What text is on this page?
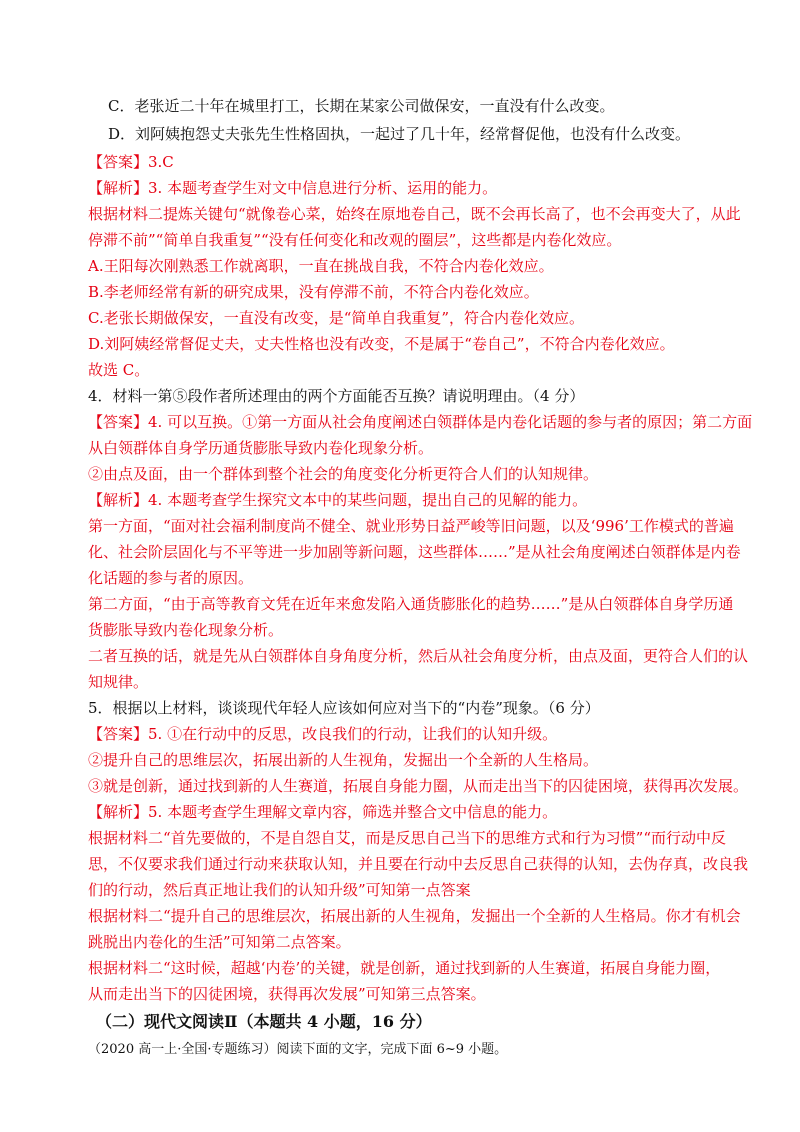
C．老张近二十年在城里打工，长期在某家公司做保安，一直没有什么改变。
D．刘阿姨抱怨丈夫张先生性格固执，一起过了几十年，经常督促他，也没有什么改变。
【答案】3.C
【解析】3. 本题考查学生对文中信息进行分析、运用的能力。
根据材料二提炼关键句“就像卷心菜，始终在原地卷自己，既不会再长高了，也不会再变大了，从此
停滞不前”“简单自我重复”“没有任何变化和改观的圈层”，这些都是内卷化效应。
A.王阳每次刚熟悉工作就离职，一直在挑战自我，不符合内卷化效应。
B.李老师经常有新的研究成果，没有停滞不前，不符合内卷化效应。
C.老张长期做保安，一直没有改变，是“简单自我重复”，符合内卷化效应。
D.刘阿姨经常督促丈夫，丈夫性格也没有改变，不是属于“卷自己”，不符合内卷化效应。
故选 C。
4．材料一第⑤段作者所述理由的两个方面能否互换？请说明理由。（4 分）
【答案】4. 可以互换。①第一方面从社会角度阐述白领群体是内卷化话题的参与者的原因；第二方面
从白领群体自身学历通货膨胀导致内卷化现象分析。
②由点及面，由一个群体到整个社会的角度变化分析更符合人们的认知规律。
【解析】4. 本题考查学生探究文本中的某些问题，提出自己的见解的能力。
第一方面，“面对社会福利制度尚不健全、就业形势日益严峻等旧问题，以及‘996’工作模式的普遍
化、社会阶层固化与不平等进一步加剧等新问题，这些群体……”是从社会角度阐述白领群体是内卷
化话题的参与者的原因。
第二方面，“由于高等教育文凭在近年来愈发陷入通货膨胀化的趋势……”是从白领群体自身学历通
货膨胀导致内卷化现象分析。
二者互换的话，就是先从白领群体自身角度分析，然后从社会角度分析，由点及面，更符合人们的认
知规律。
5．根据以上材料，谈谈现代年轻人应该如何应对当下的“内卷”现象。（6 分）
【答案】5. ①在行动中的反思，改良我们的行动，让我们的认知升级。
②提升自己的思维层次，拓展出新的人生视角，发掘出一个全新的人生格局。
③就是创新，通过找到新的人生赛道，拓展自身能力圈，从而走出当下的囚徒困境，获得再次发展。
【解析】5. 本题考查学生理解文章内容，筛选并整合文中信息的能力。
根据材料二“首先要做的，不是自怨自艾，而是反思自己当下的思维方式和行为习惯”“而行动中反
思，不仅要求我们通过行动来获取认知，并且要在行动中去反思自己获得的认知，去伪存真，改良我
们的行动，然后真正地让我们的认知升级”可知第一点答案
根据材料二“提升自己的思维层次，拓展出新的人生视角，发掘出一个全新的人生格局。你才有机会
跳脱出内卷化的生活”可知第二点答案。
根据材料二“这时候，超越‘内卷’的关键，就是创新，通过找到新的人生赛道，拓展自身能力圈，
从而走出当下的囚徒困境，获得再次发展”可知第三点答案。
（二）现代文阅读Ⅱ（本题共 4 小题，16 分）
（2020 高一上·全国·专题练习）阅读下面的文字，完成下面 6~9 小题。
